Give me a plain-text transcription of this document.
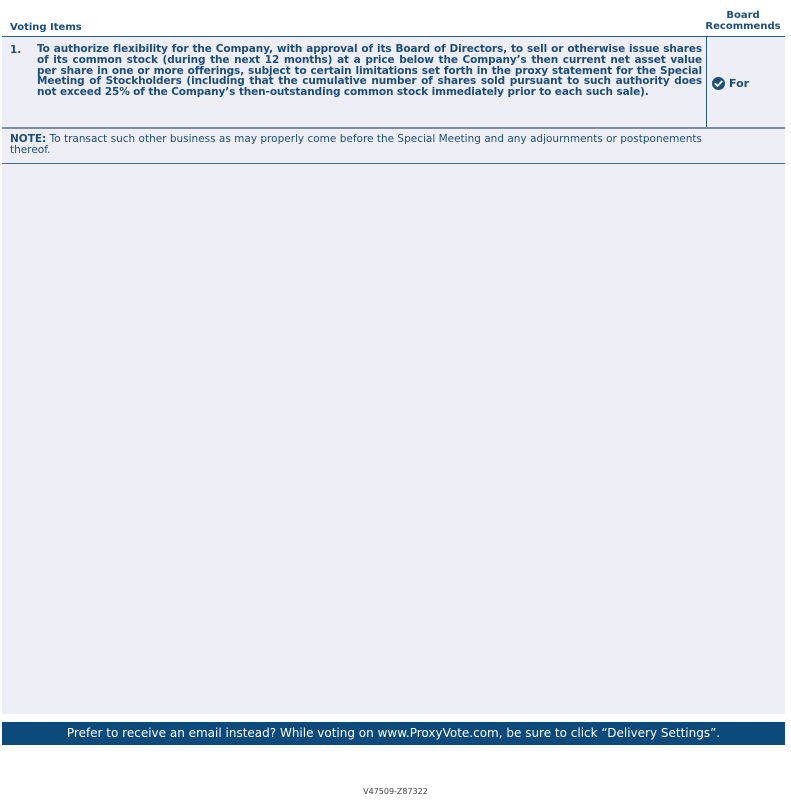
Voting Items
Board
Recommends
1. To authorize flexibility for the Company, with approval of its Board of Directors, to sell or otherwise issue shares of its common stock (during the next 12 months) at a price below the Company’s then current net asset value per share in one or more offerings, subject to certain limitations set forth in the proxy statement for the Special Meeting of Stockholders (including that the cumulative number of shares sold pursuant to such authority does not exceed 25% of the Company’s then-outstanding common stock immediately prior to each such sale).
For
NOTE: To transact such other business as may properly come before the Special Meeting and any adjournments or postponements thereof.
Prefer to receive an email instead? While voting on www.ProxyVote.com, be sure to click “Delivery Settings”.
V47509-Z87322
